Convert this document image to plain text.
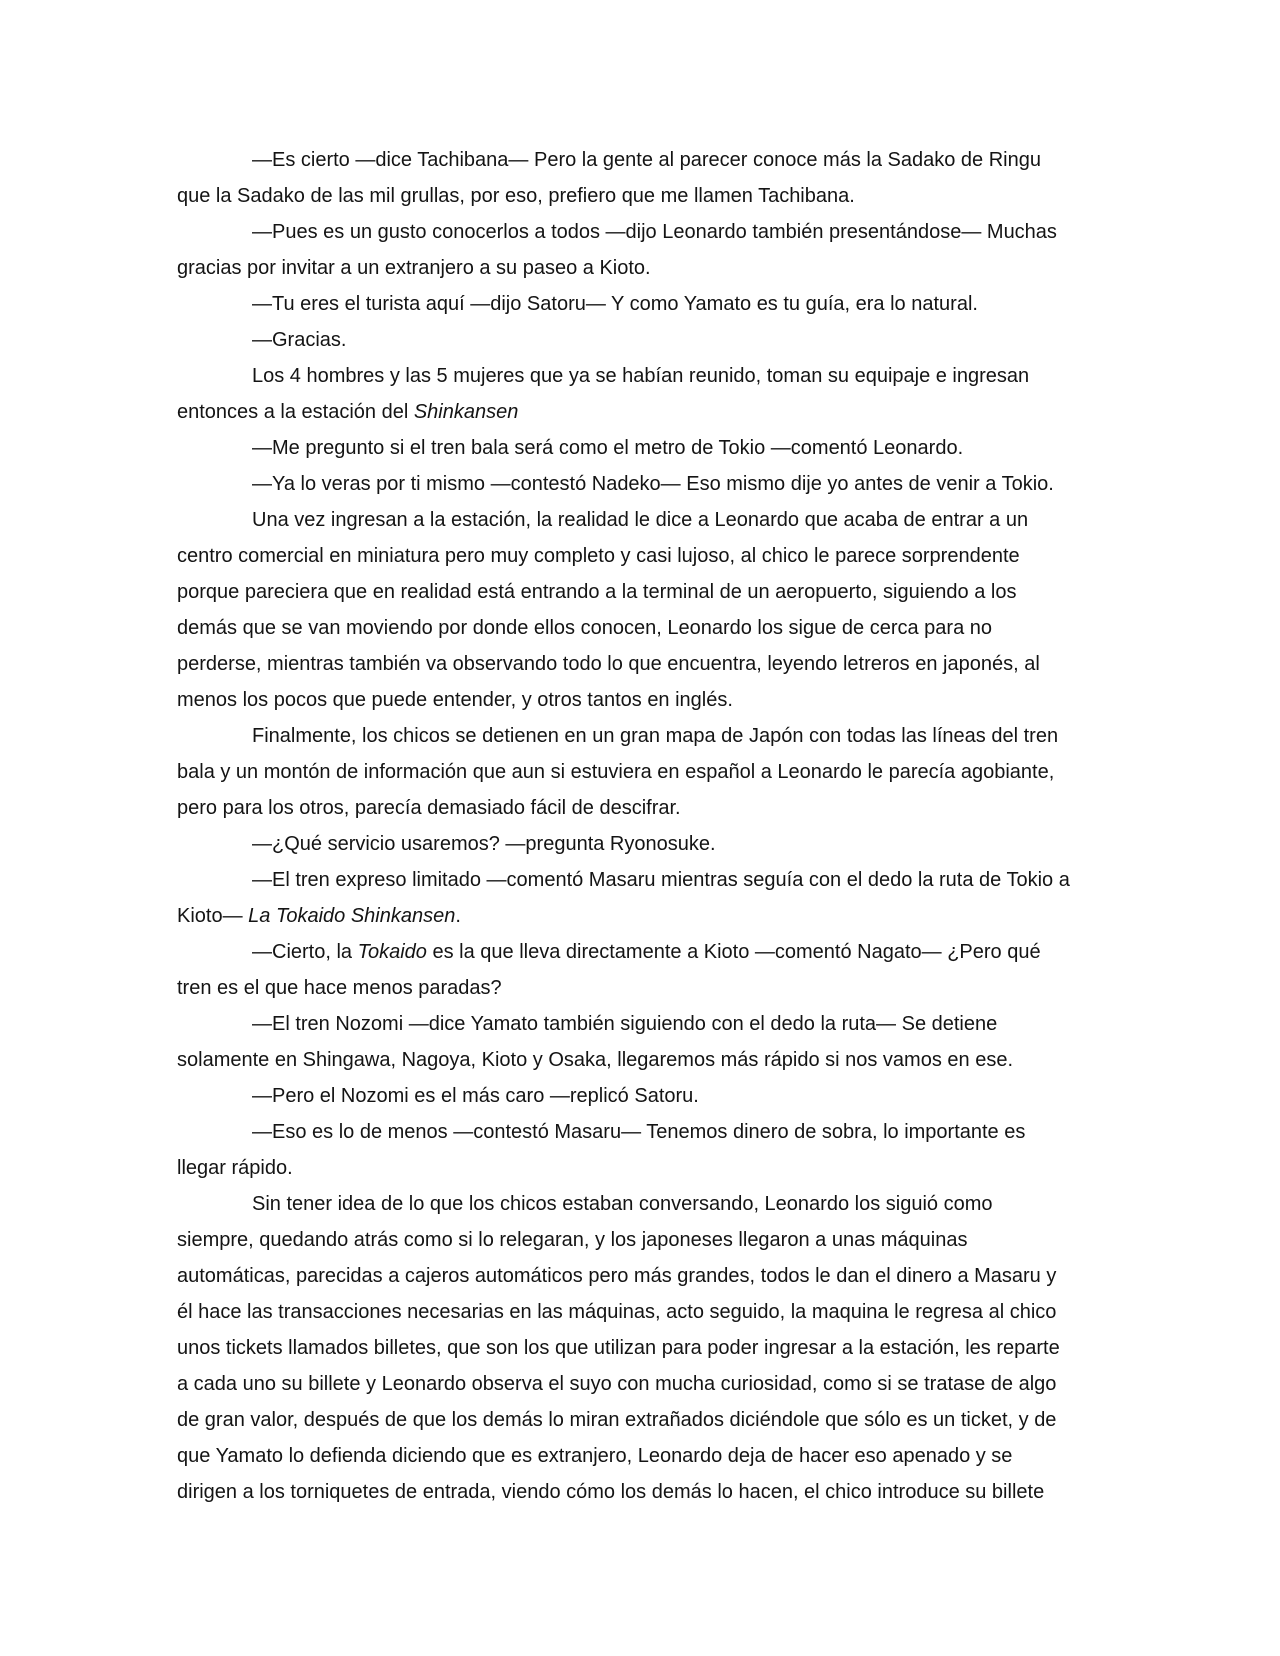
—Es cierto —dice Tachibana— Pero la gente al parecer conoce más la Sadako de Ringu
que la Sadako de las mil grullas, por eso, prefiero que me llamen Tachibana.

—Pues es un gusto conocerlos a todos —dijo Leonardo también presentándose— Muchas
gracias por invitar a un extranjero a su paseo a Kioto.

—Tu eres el turista aquí —dijo Satoru— Y como Yamato es tu guía, era lo natural.

—Gracias.

Los 4 hombres y las 5 mujeres que ya se habían reunido, toman su equipaje e ingresan
entonces a la estación del Shinkansen

—Me pregunto si el tren bala será como el metro de Tokio —comentó Leonardo.

—Ya lo veras por ti mismo —contestó Nadeko— Eso mismo dije yo antes de venir a Tokio.

Una vez ingresan a la estación, la realidad le dice a Leonardo que acaba de entrar a un
centro comercial en miniatura pero muy completo y casi lujoso, al chico le parece sorprendente
porque pareciera que en realidad está entrando a la terminal de un aeropuerto, siguiendo a los
demás que se van moviendo por donde ellos conocen, Leonardo los sigue de cerca para no
perderse, mientras también va observando todo lo que encuentra, leyendo letreros en japonés, al
menos los pocos que puede entender, y otros tantos en inglés.

Finalmente, los chicos se detienen en un gran mapa de Japón con todas las líneas del tren
bala y un montón de información que aun si estuviera en español a Leonardo le parecía agobiante,
pero para los otros, parecía demasiado fácil de descifrar.

—¿Qué servicio usaremos? —pregunta Ryonosuke.

—El tren expreso limitado —comentó Masaru mientras seguía con el dedo la ruta de Tokio a
Kioto— La Tokaido Shinkansen.

—Cierto, la Tokaido es la que lleva directamente a Kioto —comentó Nagato— ¿Pero qué
tren es el que hace menos paradas?

—El tren Nozomi —dice Yamato también siguiendo con el dedo la ruta— Se detiene
solamente en Shingawa, Nagoya, Kioto y Osaka, llegaremos más rápido si nos vamos en ese.

—Pero el Nozomi es el más caro —replicó Satoru.

—Eso es lo de menos —contestó Masaru— Tenemos dinero de sobra, lo importante es
llegar rápido.

Sin tener idea de lo que los chicos estaban conversando, Leonardo los siguió como
siempre, quedando atrás como si lo relegaran, y los japoneses llegaron a unas máquinas
automáticas, parecidas a cajeros automáticos pero más grandes, todos le dan el dinero a Masaru y
él hace las transacciones necesarias en las máquinas, acto seguido, la maquina le regresa al chico
unos tickets llamados billetes, que son los que utilizan para poder ingresar a la estación, les reparte
a cada uno su billete y Leonardo observa el suyo con mucha curiosidad, como si se tratase de algo
de gran valor, después de que los demás lo miran extrañados diciéndole que sólo es un ticket, y de
que Yamato lo defienda diciendo que es extranjero, Leonardo deja de hacer eso apenado y se
dirigen a los torniquetes de entrada, viendo cómo los demás lo hacen, el chico introduce su billete
